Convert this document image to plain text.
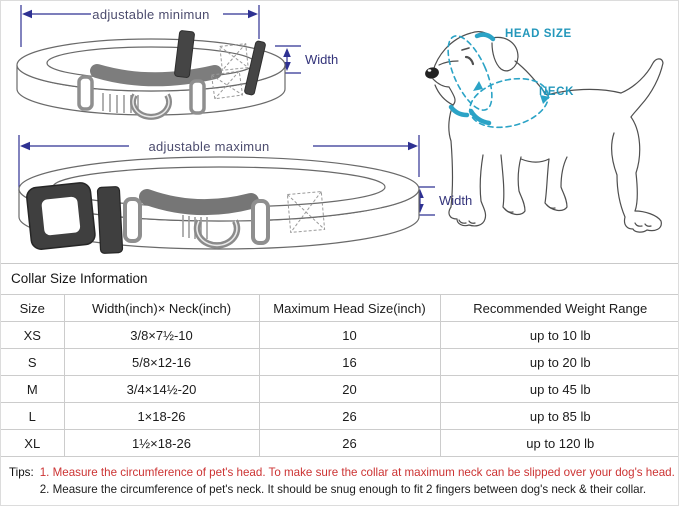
adjustable minimun
adjustable maximun
Width
Width
HEAD SIZE
NECK
Collar Size Information
Size	Width(inch)× Neck(inch)	Maximum Head Size(inch)	Recommended Weight Range
XS	3/8×7½-10	10	up to 10 lb
S	5/8×12-16	16	up to 20 lb
M	3/4×14½-20	20	up to 45 lb
L	1×18-26	26	up to 85 lb
XL	1½×18-26	26	up to 120 lb
Tips: 1. Measure the circumference of pet's head. To make sure the collar at maximum neck can be slipped over your dog's head.
2. Measure the circumference of pet's neck. It should be snug enough to fit 2 fingers between dog's neck & their collar.
